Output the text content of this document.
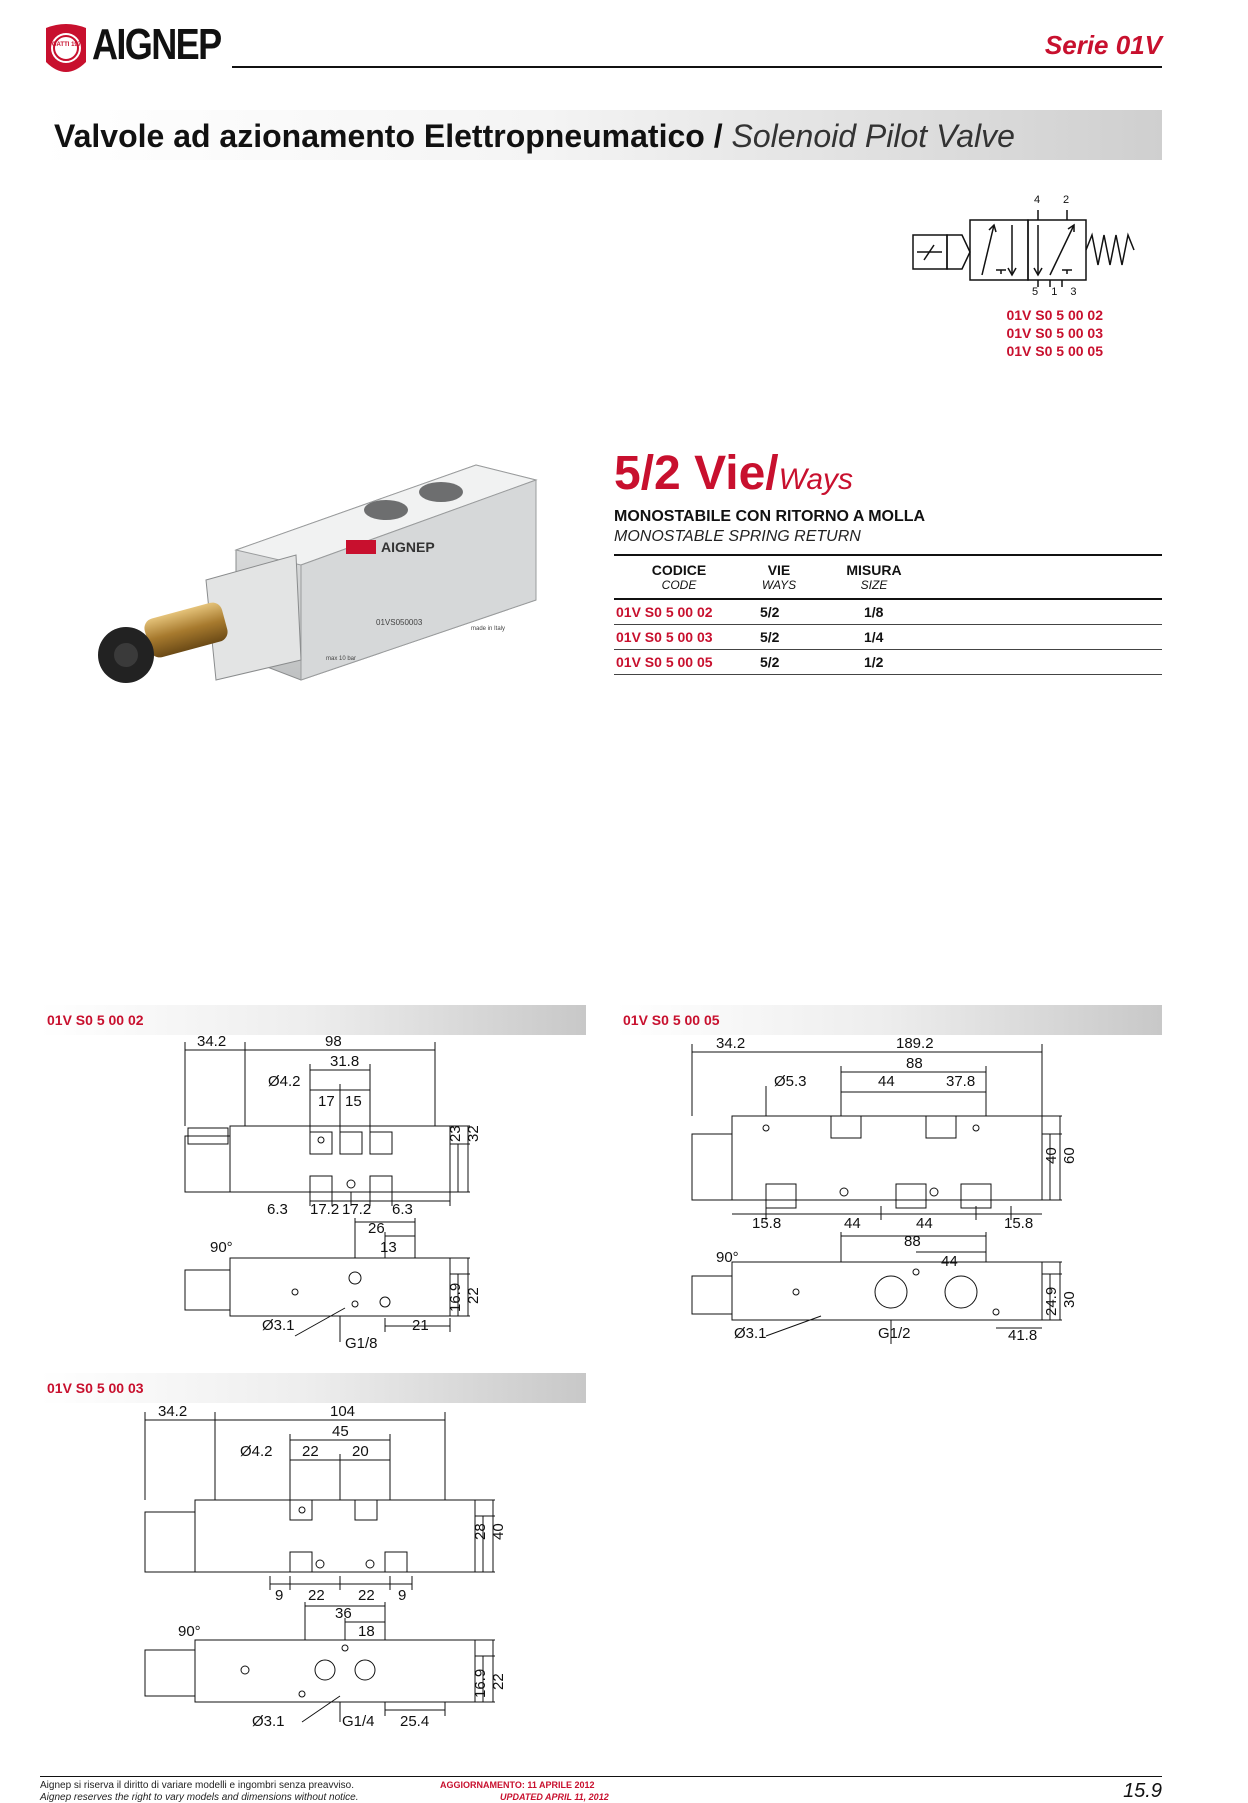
UGATTI 1976 AIGNEP	Serie 01V
Valvole ad azionamento Elettropneumatico / Solenoid Pilot Valve
4 2
5 1 3
01V S0 5 00 02
01V S0 5 00 03
01V S0 5 00 05
AIGNEP
01VS050003
max 10 bar
made in Italy
5/2 Vie/Ways
MONOSTABILE CON RITORNO A MOLLA
MONOSTABLE SPRING RETURN
CODICE
CODE
VIE
WAYS
MISURA
SIZE
01V S0 5 00 02	5/2	1/8
01V S0 5 00 03	5/2	1/4
01V S0 5 00 05	5/2	1/2
01V S0 5 00 02
34.2	98
31.8
Ø4.2
17 15
23 32
6.3 17.2 17.2 6.3
26
13
90°
16.9 22
Ø3.1	21
G1/8
01V S0 5 00 05
34.2	189.2
88
Ø5.3	44	37.8
40 60
15.8	44	44	15.8
88
44
90°
24.9 30
Ø3.1	G1/2	41.8
01V S0 5 00 03
34.2	104
45
Ø4.2 22 20
28 40
9 22 22 9
36
18
90°
16.9 22
Ø3.1	G1/4 25.4
Aignep si riserva il diritto di variare modelli e ingombri senza preavviso.
Aignep reserves the right to vary models and dimensions without notice.
AGGIORNAMENTO: 11 APRILE 2012
UPDATED APRIL 11, 2012	15.9
